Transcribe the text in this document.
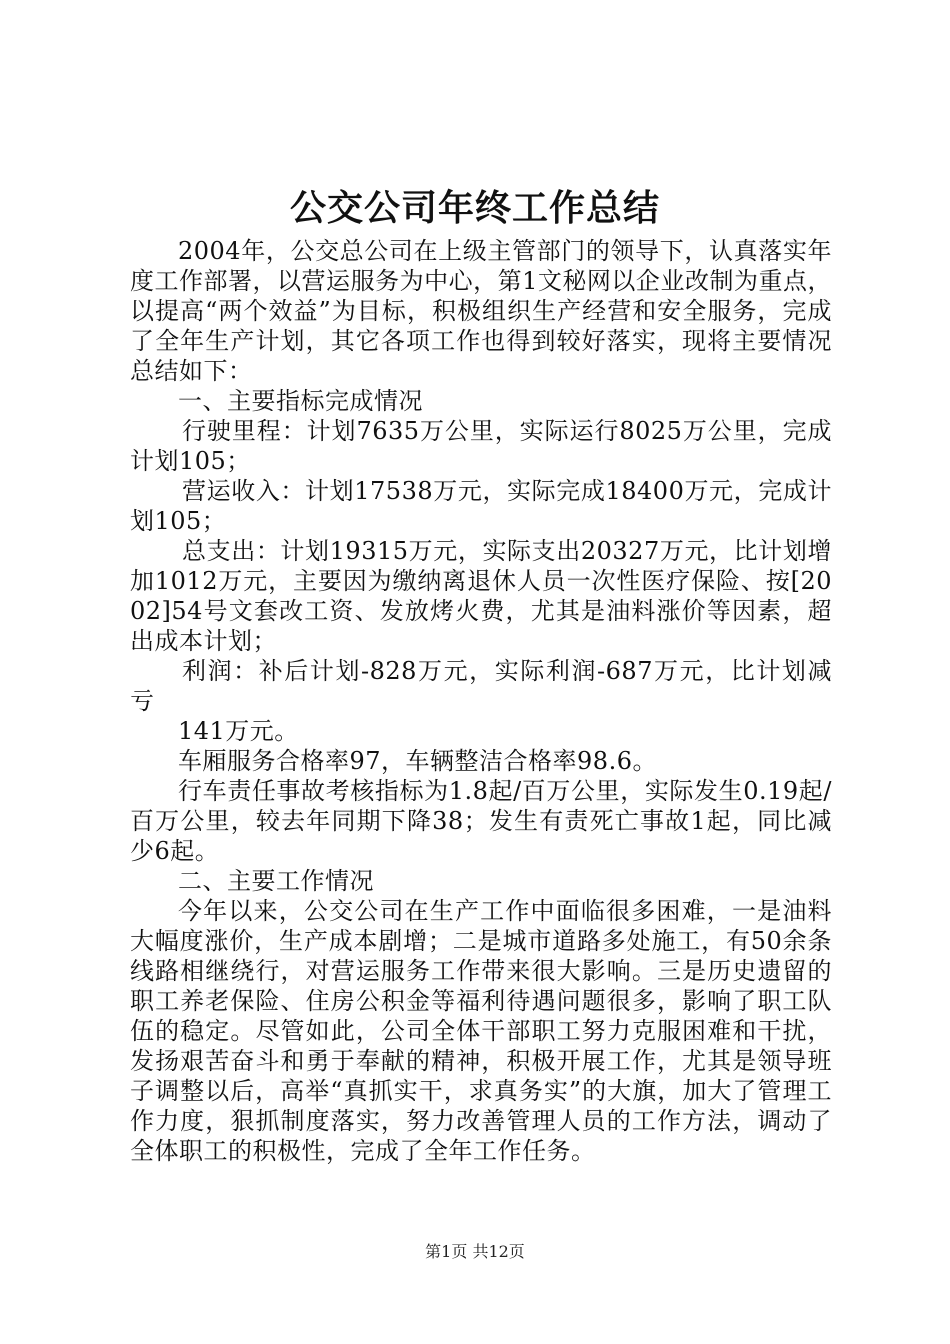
公交公司年终工作总结

2004年，公交总公司在上级主管部门的领导下，认真落实年度工作部署，以营运服务为中心，第1文秘网以企业改制为重点，以提高“两个效益”为目标，积极组织生产经营和安全服务，完成了全年生产计划，其它各项工作也得到较好落实，现将主要情况总结如下：

一、主要指标完成情况

行驶里程：计划7635万公里，实际运行8025万公里，完成计划105；

营运收入：计划17538万元，实际完成18400万元，完成计划105；

总支出：计划19315万元，实际支出20327万元，比计划增加1012万元，主要因为缴纳离退休人员一次性医疗保险、按[2002]54号文套改工资、发放烤火费，尤其是油料涨价等因素，超出成本计划；

利润：补后计划-828万元，实际利润-687万元，比计划减亏

141万元。

车厢服务合格率97，车辆整洁合格率98.6。

行车责任事故考核指标为1.8起/百万公里，实际发生0.19起/百万公里，较去年同期下降38；发生有责死亡事故1起，同比减少6起。

二、主要工作情况

今年以来，公交公司在生产工作中面临很多困难，一是油料大幅度涨价，生产成本剧增；二是城市道路多处施工，有50余条线路相继绕行，对营运服务工作带来很大影响。三是历史遗留的职工养老保险、住房公积金等福利待遇问题很多，影响了职工队伍的稳定。尽管如此，公司全体干部职工努力克服困难和干扰，发扬艰苦奋斗和勇于奉献的精神，积极开展工作，尤其是领导班子调整以后，高举“真抓实干，求真务实”的大旗，加大了管理工作力度，狠抓制度落实，努力改善管理人员的工作方法，调动了全体职工的积极性，完成了全年工作任务。

第1页 共12页
